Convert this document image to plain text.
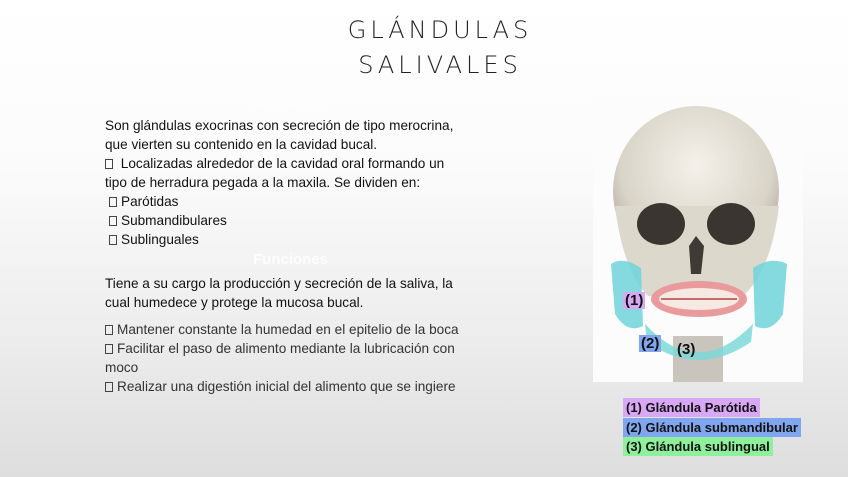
GLÁNDULAS
SALIVALES
Definición
Son glándulas exocrinas con secreción de tipo merocrina,
que vierten su contenido en la cavidad bucal.
Localizadas alrededor de la cavidad oral formando un
tipo de herradura pegada a la maxila. Se dividen en:
Parótidas
Submandibulares
Sublinguales
Funciones
Tiene a su cargo la producción y secreción de la saliva, la
cual humedece y protege la mucosa bucal.
Mantener constante la humedad en el epitelio de la boca
Facilitar el paso de alimento mediante la lubricación con
moco
Realizar una digestión inicial del alimento que se ingiere
(1)
(2) (3)
(1) Glándula Parótida
(2) Glándula submandibular
(3) Glándula sublingual
